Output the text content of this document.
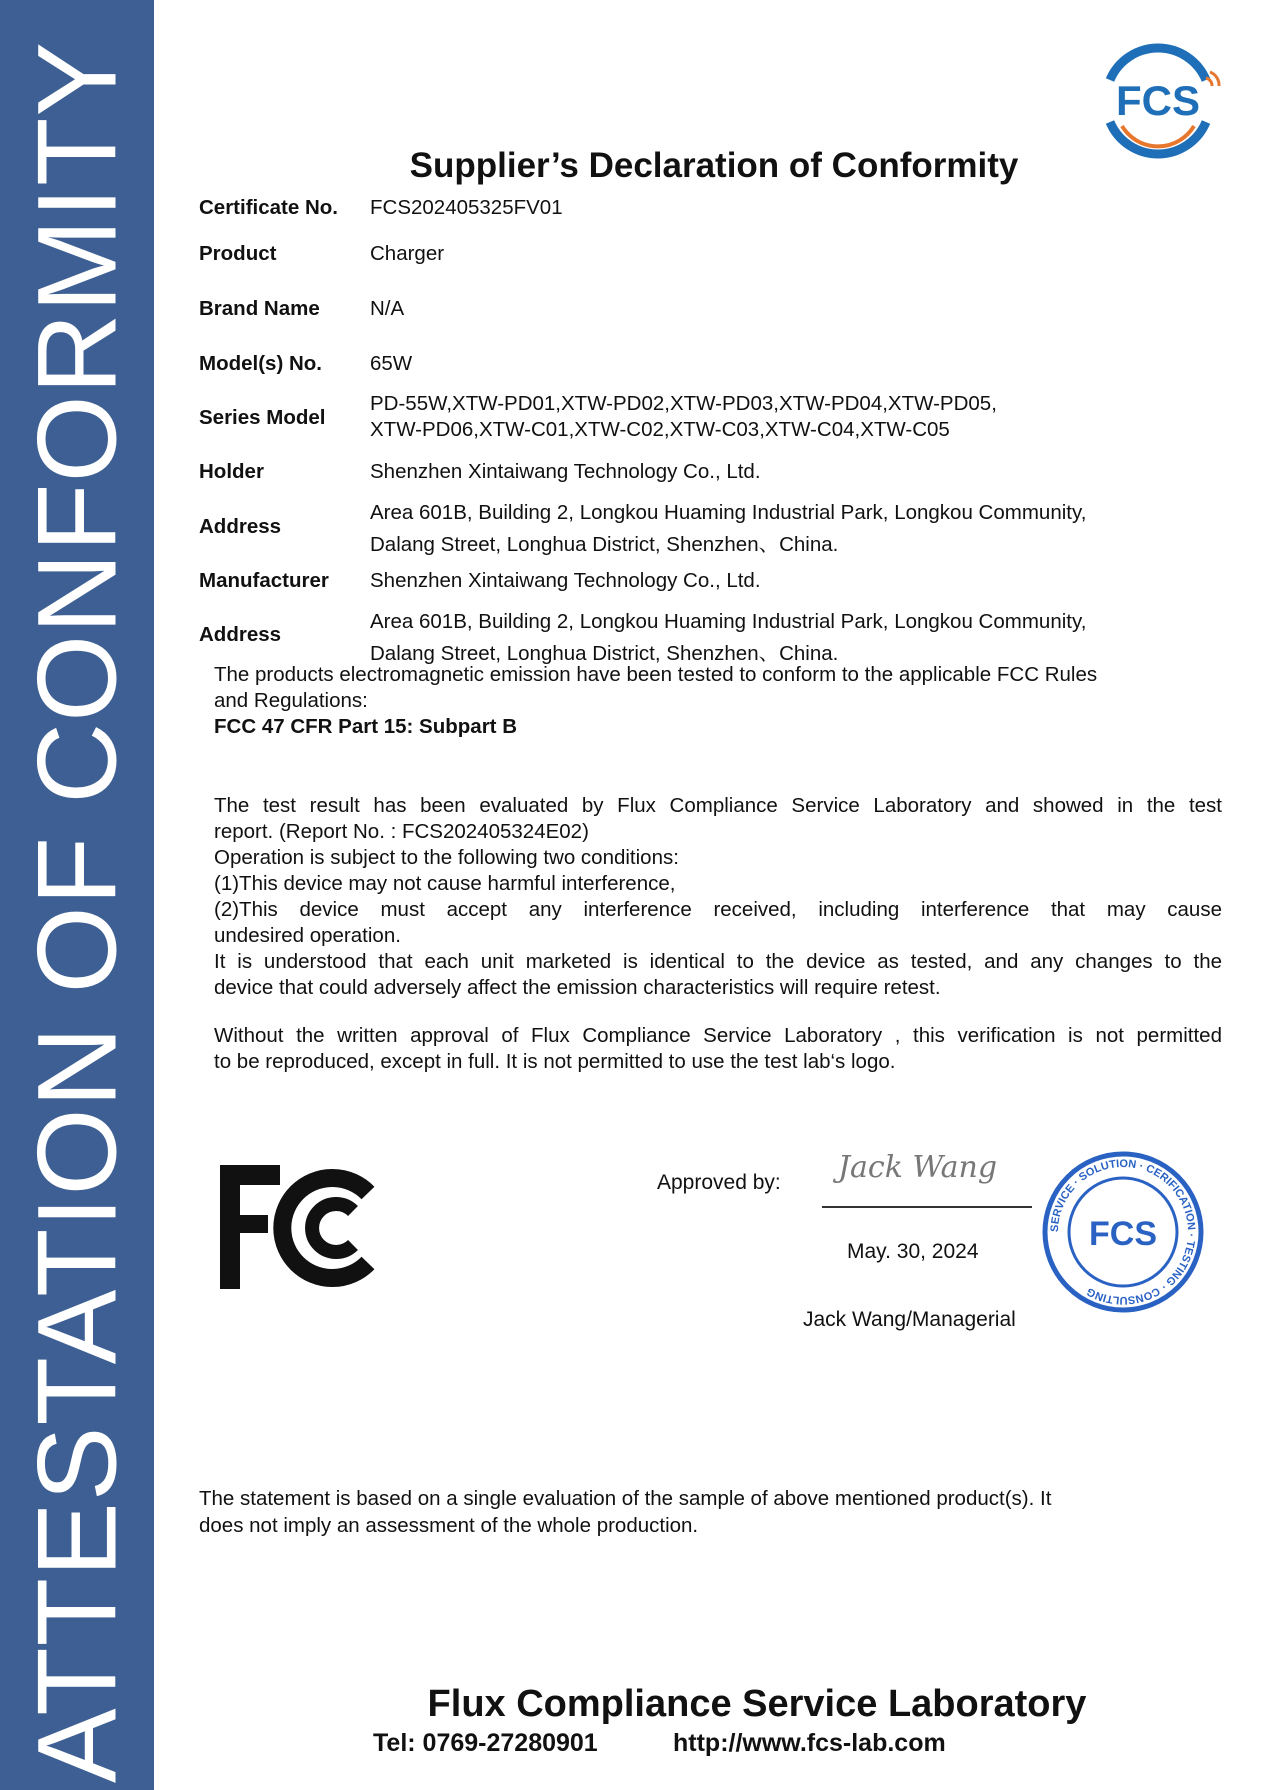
ATTESTATION OF CONFORMITY	FCS
Supplier’s Declaration of Conformity
Certificate No. FCS202405325FV01
Product	Charger
Brand Name N/A
Model(s) No. 65W
Series Model
PD-55W,XTW-PD01,XTW-PD02,XTW-PD03,XTW-PD04,XTW-PD05,
XTW-PD06,XTW-C01,XTW-C02,XTW-C03,XTW-C04,XTW-C05
Holder	Shenzhen Xintaiwang Technology Co., Ltd.
Address
Area 601B, Building 2, Longkou Huaming Industrial Park, Longkou Community,
Dalang Street, Longhua District, Shenzhen、China.
Manufacturer Shenzhen Xintaiwang Technology Co., Ltd.
Address
Area 601B, Building 2, Longkou Huaming Industrial Park, Longkou Community,
Dalang Street, Longhua District, Shenzhen、China.
The products electromagnetic emission have been tested to conform to the applicable FCC Rules
and Regulations:
FCC 47 CFR Part 15: Subpart B
The test result has been evaluated by Flux Compliance Service Laboratory and showed in the test
report. (Report No. : FCS202405324E02)
Operation is subject to the following two conditions:
(1)This device may not cause harmful interference,
(2)This device must accept any interference received, including interference that may cause
undesired operation.
It is understood that each unit marketed is identical to the device as tested, and any changes to the
device that could adversely affect the emission characteristics will require retest.
Without the written approval of Flux Compliance Service Laboratory , this verification is not permitted
to be reproduced, except in full. It is not permitted to use the test lab‘s logo.
Approved by: Jack Wang
SERVICE · SOLUTION · CERIFICATION · TESTING · CONSULTING
FCS
May. 30, 2024
Jack Wang/Managerial
The statement is based on a single evaluation of the sample of above mentioned product(s). It
does not imply an assessment of the whole production.
Flux Compliance Service Laboratory
Tel: 0769-27280901	http://www.fcs-lab.com
